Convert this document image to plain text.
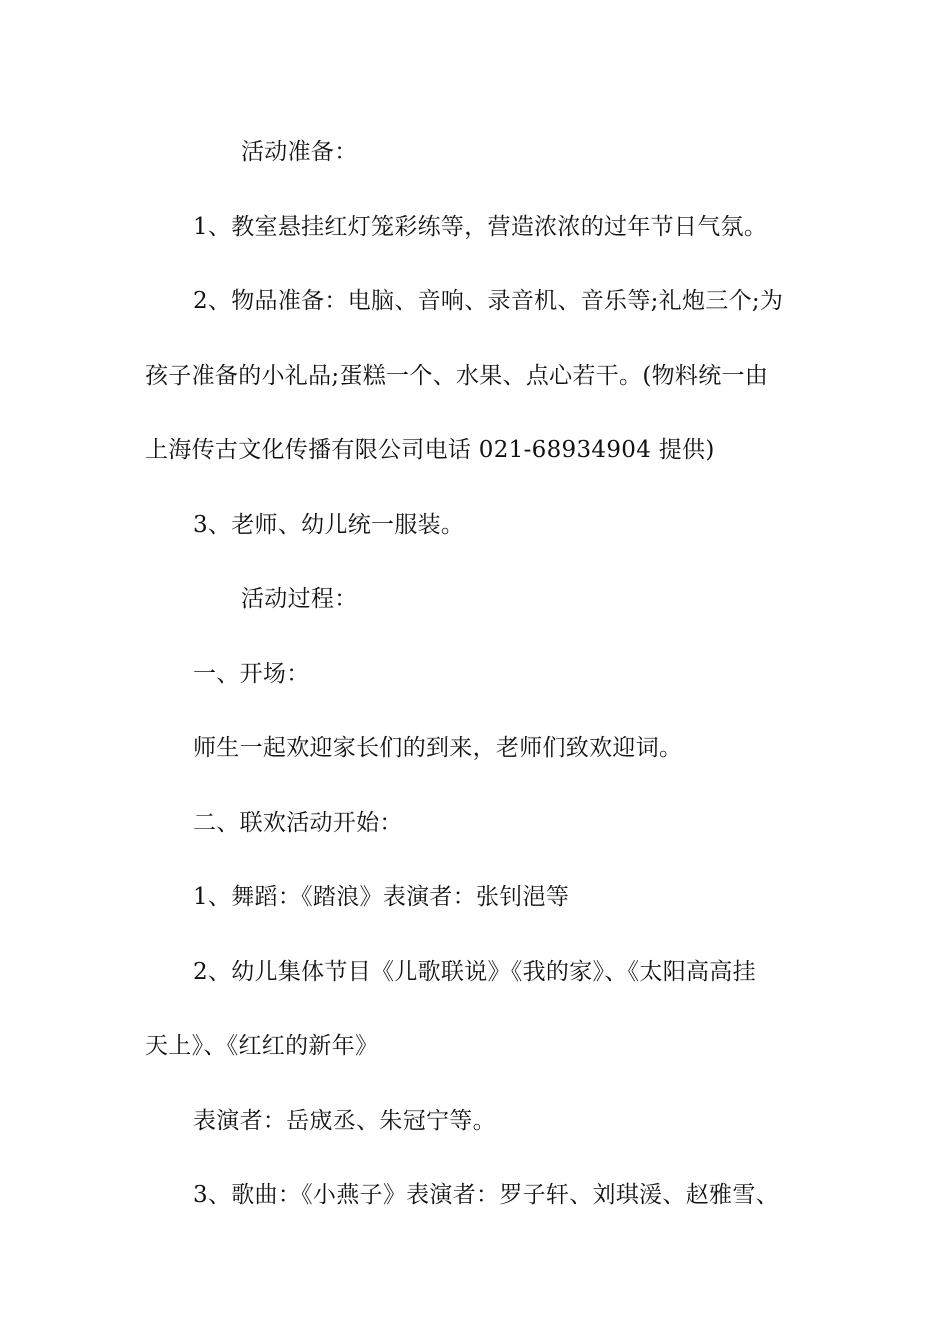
活动准备：

1、教室悬挂红灯笼彩练等，营造浓浓的过年节日气氛。

2、物品准备：电脑、音响、录音机、音乐等;礼炮三个;为

孩子准备的小礼品;蛋糕一个、水果、点心若干。(物料统一由

上海传古文化传播有限公司电话 021-68934904 提供)

3、老师、幼儿统一服装。

活动过程：

一、开场：

师生一起欢迎家长们的到来，老师们致欢迎词。

二、联欢活动开始：

1、舞蹈：《踏浪》表演者：张钊浥等

2、幼儿集体节目《儿歌联说》《我的家》、《太阳高高挂

天上》、《红红的新年》

表演者：岳宬丞、朱冠宁等。

3、歌曲：《小燕子》表演者：罗子轩、刘琪湲、赵雅雪、
